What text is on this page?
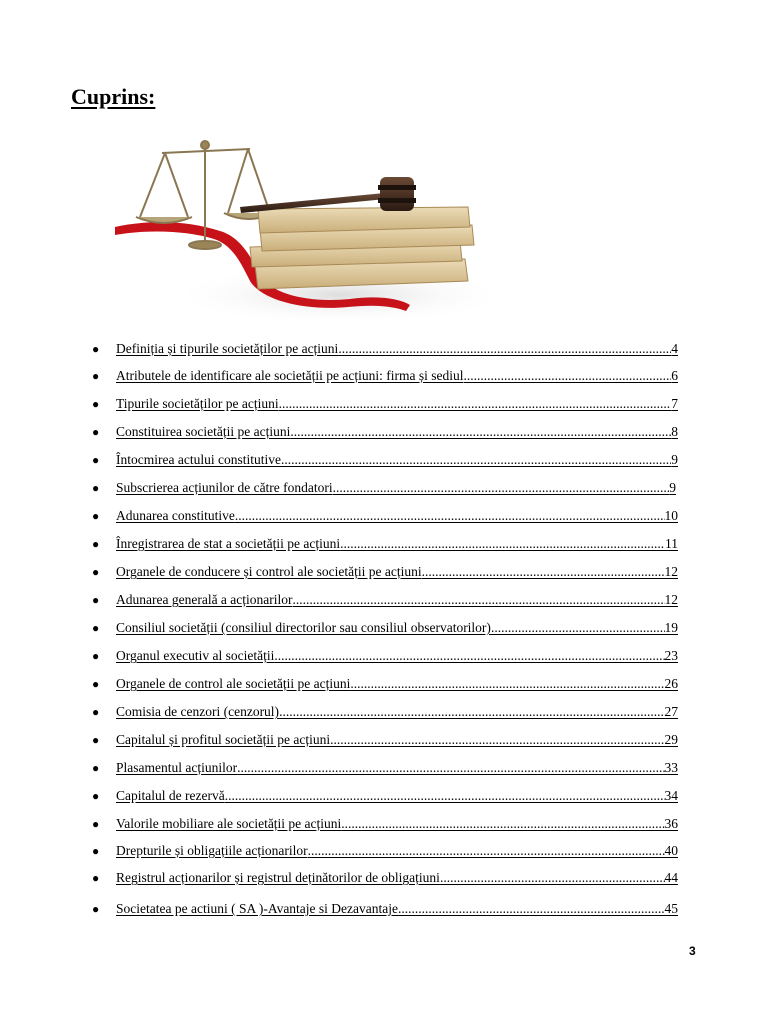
Cuprins:
● Definiția și tipurile societăților pe acțiuni .....	4
● Atributele de identificare ale societății pe acțiuni: firma și sediul .....	6
● Tipurile societăților pe acțiuni .....	7
● Constituirea societății pe acțiuni .....	8
● Întocmirea actului constitutive .....	9
● Subscrierea acțiunilor de către fondatori .....	9
● Adunarea constitutive .....	10
● Înregistrarea de stat a societății pe acțiuni .....	11
● Organele de conducere și control ale societății pe acțiuni .....	12
● Adunarea generală a acționarilor .....	12
● Consiliul societății (consiliul directorilor sau consiliul observatorilor) .....	19
● Organul executiv al societății .....	23
● Organele de control ale societății pe acțiuni .....	26
● Comisia de cenzori (cenzorul) .....	27
● Capitalul și profitul societății pe acțiuni .....	29
● Plasamentul acțiunilor .....	33
● Capitalul de rezervă .....	34
● Valorile mobiliare ale societății pe acțiuni .....	36
● Drepturile și obligațiile acționarilor .....	40
● Registrul acționarilor și registrul deținătorilor de obligațiuni .....	44
● Societatea pe actiuni ( SA )-Avantaje si Dezavantaje .....	45
3
